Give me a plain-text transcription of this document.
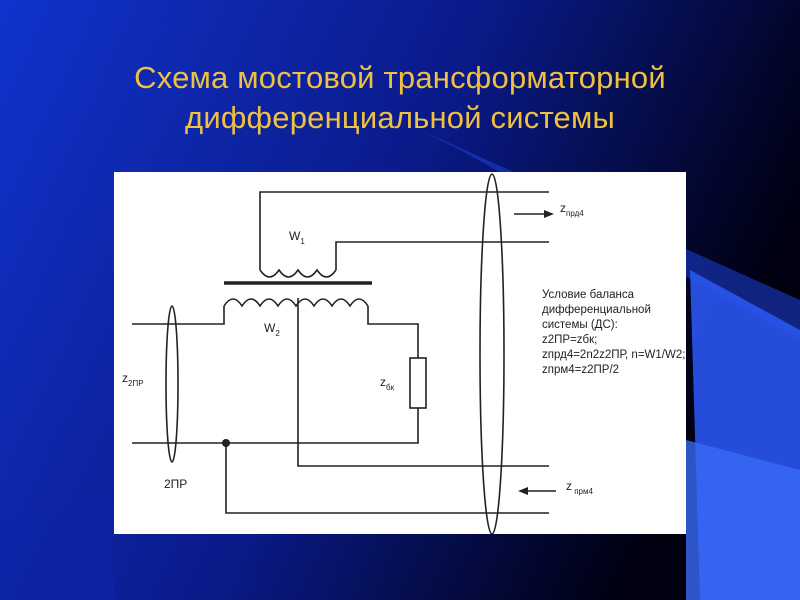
Схема мостовой трансформаторной
дифференциальной системы
$W_1$
$W_2$
$z_{2ПР}$	$z_{бк}$
$z_{прд4}$
z $_{прм4}$
2ПР
Условие баланса
дифференциальной
системы (ДС):
z2ПР=zбк;
zпрд4=2n2z2ПР, n=W1/W2;
zпрм4=z2ПР/2
